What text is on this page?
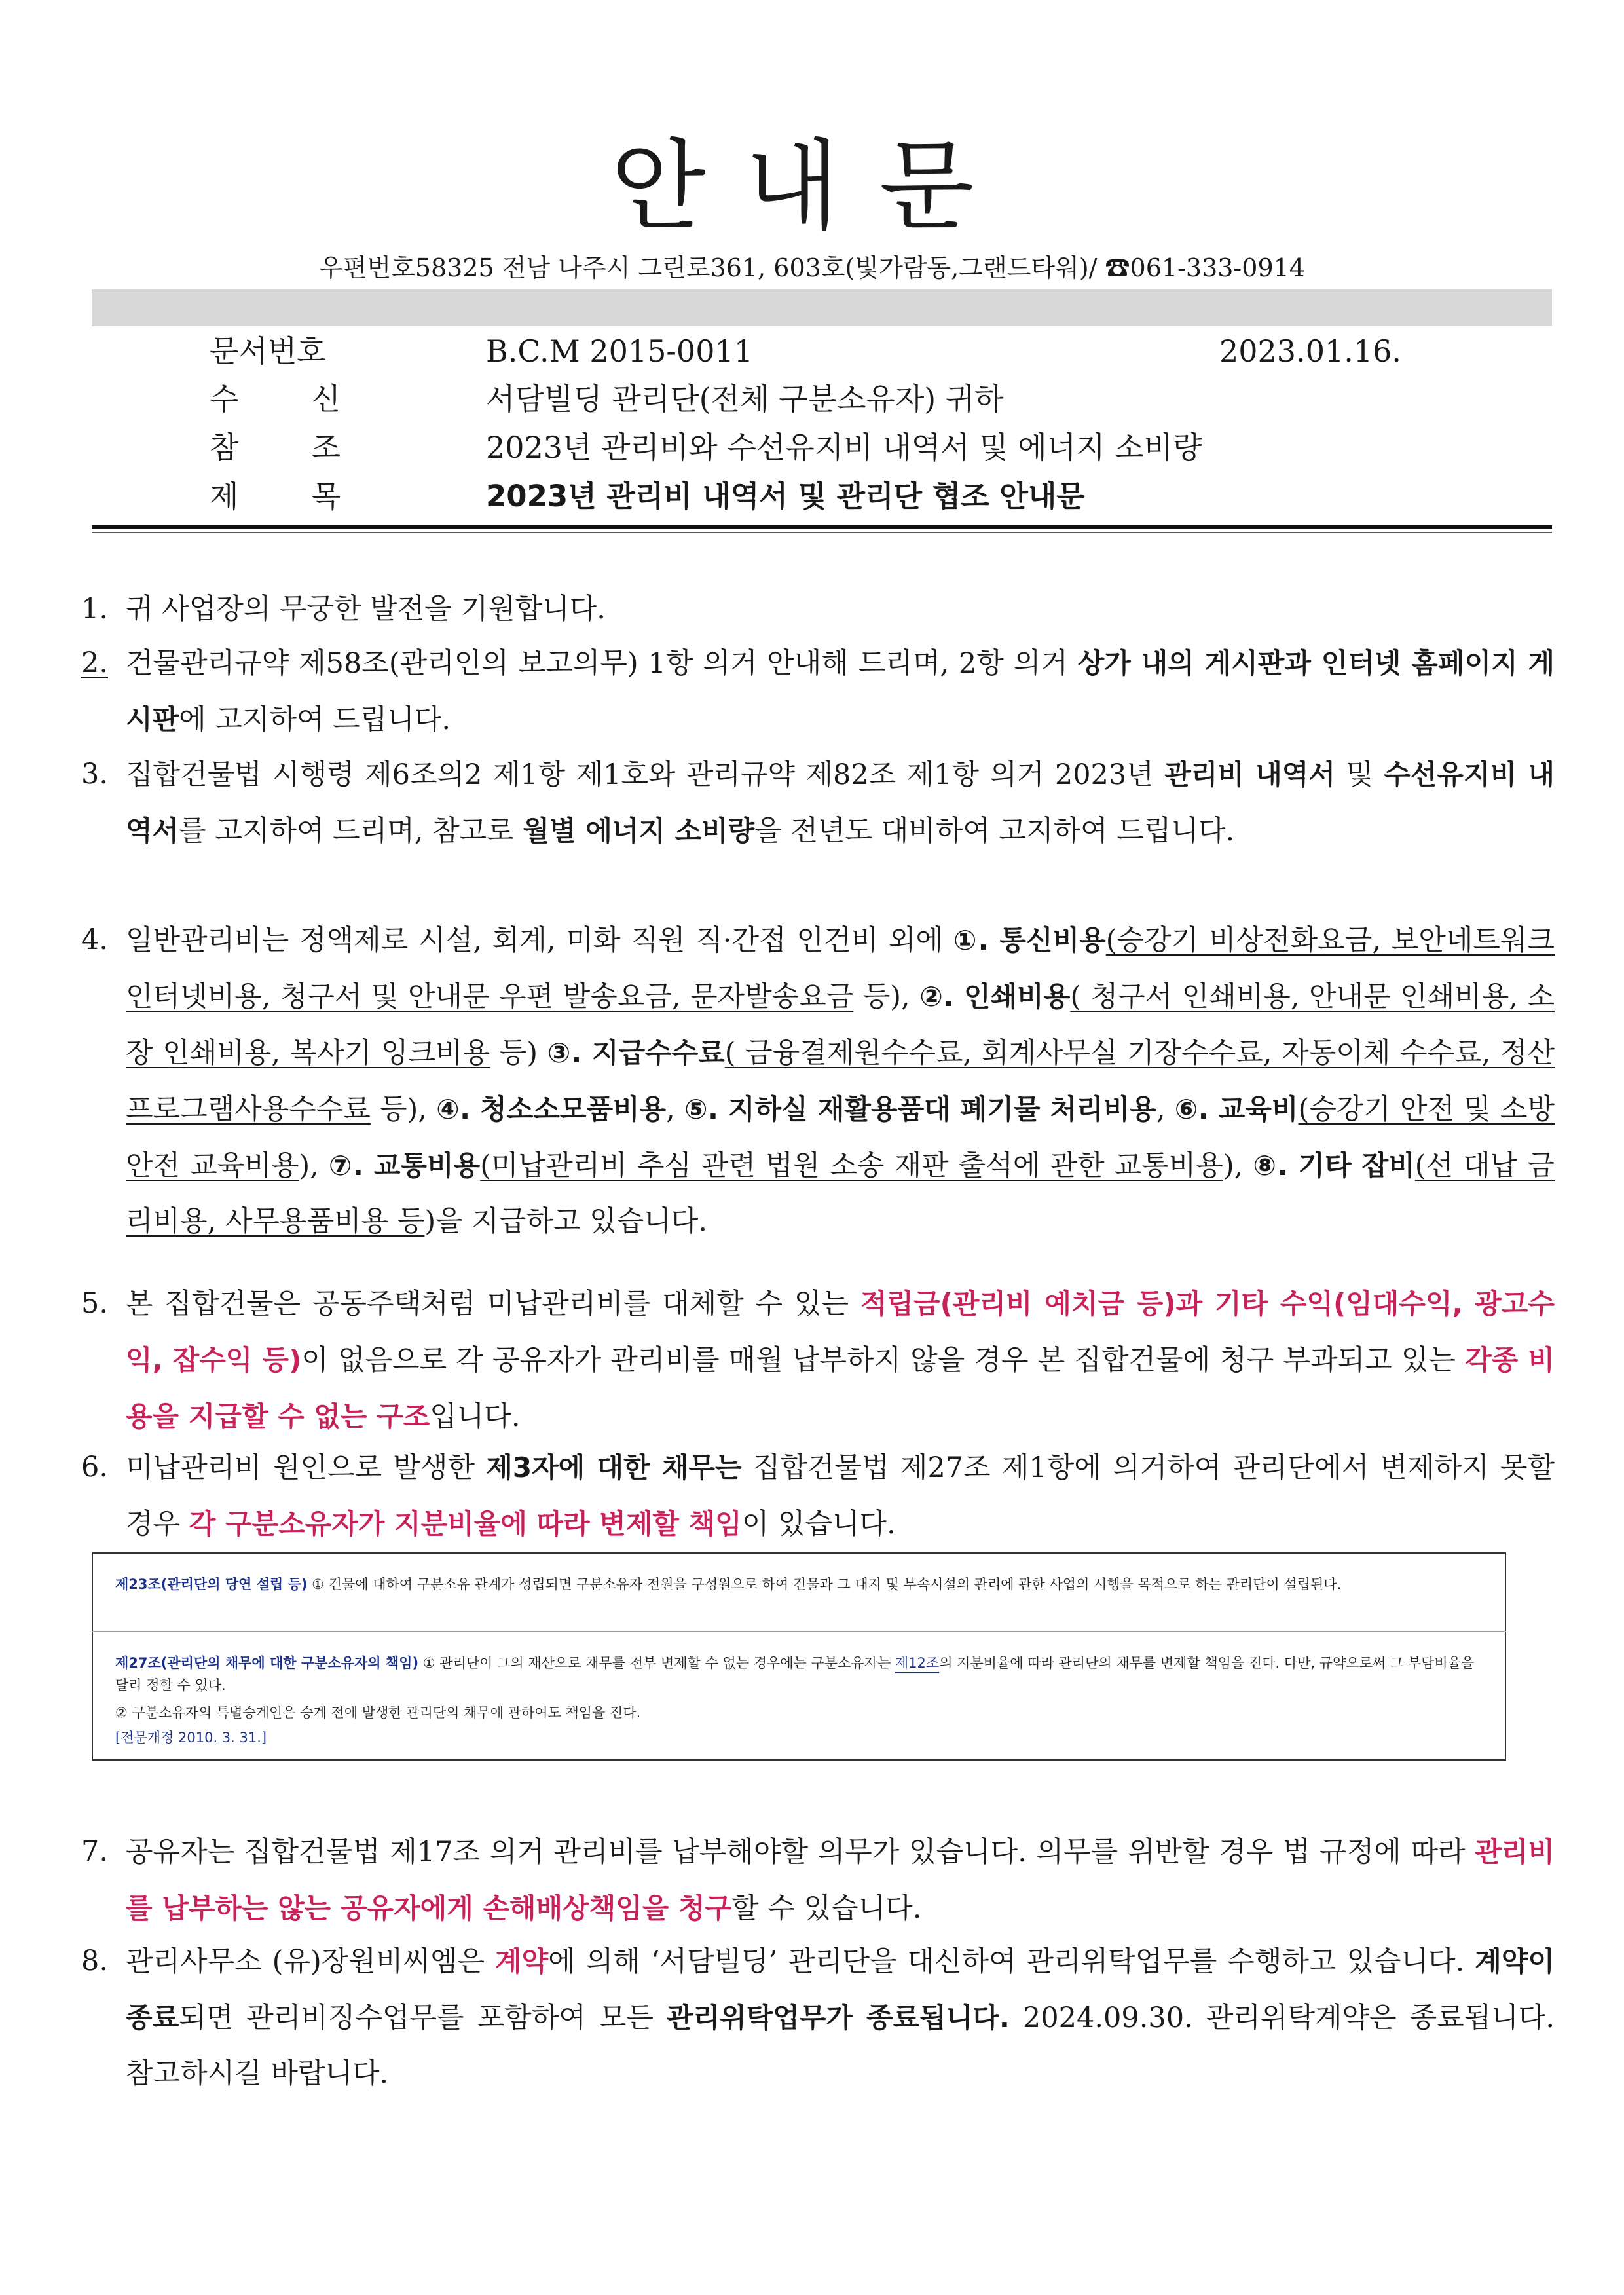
안내문
우편번호58325 전남 나주시 그린로361, 603호(빛가람동,그랜드타워)/ ☎061-333-0914
문서번호	B.C.M 2015-0011	2023.01.16.
수 신	서담빌딩 관리단(전체 구분소유자) 귀하
참 조	2023년 관리비와 수선유지비 내역서 및 에너지 소비량
제 목	2023년 관리비 내역서 및 관리단 협조 안내문
1. 귀 사업장의 무궁한 발전을 기원합니다.
2. 건물관리규약 제58조(관리인의 보고의무) 1항 의거 안내해 드리며, 2항 의거 상가 내의 게시판과 인터넷 홈페이지 게시판에 고지하여 드립니다.
3. 집합건물법 시행령 제6조의2 제1항 제1호와 관리규약 제82조 제1항 의거 2023년 관리비 내역서 및 수선유지비 내역서를 고지하여 드리며, 참고로 월별 에너지 소비량을 전년도 대비하여 고지하여 드립니다.
4. 일반관리비는 정액제로 시설, 회계, 미화 직원 직·간접 인건비 외에 ①. 통신비용(승강기 비상전화요금, 보안네트워크 인터넷비용, 청구서 및 안내문 우편 발송요금, 문자발송요금 등), ②. 인쇄비용( 청구서 인쇄비용, 안내문 인쇄비용, 소장 인쇄비용, 복사기 잉크비용 등) ③. 지급수수료( 금융결제원수수료, 회계사무실 기장수수료, 자동이체 수수료, 정산 프로그램사용수수료 등), ④. 청소소모품비용, ⑤. 지하실 재활용품대 폐기물 처리비용, ⑥. 교육비(승강기 안전 및 소방안전 교육비용), ⑦. 교통비용(미납관리비 추심 관련 법원 소송 재판 출석에 관한 교통비용), ⑧. 기타 잡비(선 대납 금리비용, 사무용품비용 등)을 지급하고 있습니다.
5. 본 집합건물은 공동주택처럼 미납관리비를 대체할 수 있는 적립금(관리비 예치금 등)과 기타 수익(임대수익, 광고수익, 잡수익 등)이 없음으로 각 공유자가 관리비를 매월 납부하지 않을 경우 본 집합건물에 청구 부과되고 있는 각종 비용을 지급할 수 없는 구조입니다.
6. 미납관리비 원인으로 발생한 제3자에 대한 채무는 집합건물법 제27조 제1항에 의거하여 관리단에서 변제하지 못할 경우 각 구분소유자가 지분비율에 따라 변제할 책임이 있습니다.
제23조(관리단의 당연 설립 등) ① 건물에 대하여 구분소유 관계가 성립되면 구분소유자 전원을 구성원으로 하여 건물과 그 대지 및 부속시설의 관리에 관한 사업의 시행을 목적으로 하는 관리단이 설립된다.
제27조(관리단의 채무에 대한 구분소유자의 책임) ① 관리단이 그의 재산으로 채무를 전부 변제할 수 없는 경우에는 구분소유자는 제12조의 지분비율에 따라 관리단의 채무를 변제할 책임을 진다. 다만, 규약으로써 그 부담비율을 달리 정할 수 있다.
② 구분소유자의 특별승계인은 승계 전에 발생한 관리단의 채무에 관하여도 책임을 진다.
[전문개정 2010. 3. 31.]
7. 공유자는 집합건물법 제17조 의거 관리비를 납부해야할 의무가 있습니다. 의무를 위반할 경우 법 규정에 따라 관리비를 납부하는 않는 공유자에게 손해배상책임을 청구할 수 있습니다.
8. 관리사무소 (유)장원비씨엠은 계약에 의해 ‘서담빌딩’ 관리단을 대신하여 관리위탁업무를 수행하고 있습니다. 계약이 종료되면 관리비징수업무를 포함하여 모든 관리위탁업무가 종료됩니다. 2024.09.30. 관리위탁계약은 종료됩니다. 참고하시길 바랍니다.
